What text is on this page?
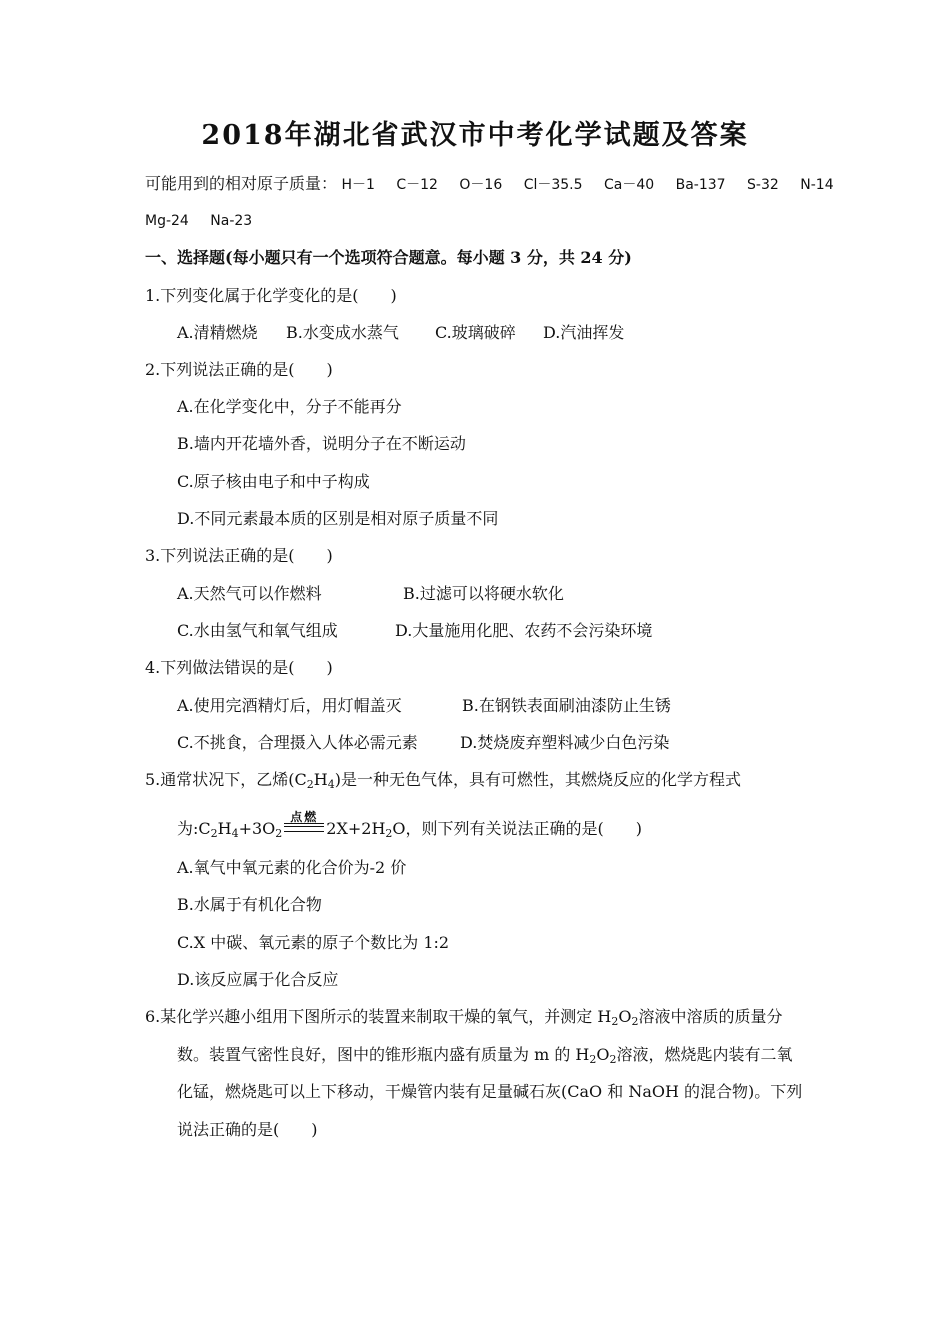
2018年湖北省武汉市中考化学试题及答案
可能用到的相对原子质量： H－1 C－12 O－16 Cl－35.5 Ca－40 Ba-137 S-32 N-14
Mg-24 Na-23
一、选择题(每小题只有一个选项符合题意。每小题 3 分，共 24 分)
1.下列变化属于化学变化的是(　　)
A.清精燃烧 B.水变成水蒸气 C.玻璃破碎 D.汽油挥发
2.下列说法正确的是(　　)
A.在化学变化中，分子不能再分
B.墙内开花墙外香，说明分子在不断运动
C.原子核由电子和中子构成
D.不同元素最本质的区别是相对原子质量不同
3.下列说法正确的是(　　)
A.天然气可以作燃料	B.过滤可以将硬水软化
C.水由氢气和氧气组成	D.大量施用化肥、农药不会污染环境
4.下列做法错误的是(　　)
A.使用完酒精灯后，用灯帽盖灭	B.在钢铁表面刷油漆防止生锈
C.不挑食，合理摄入人体必需元素	D.焚烧废弃塑料减少白色污染
5.通常状况下，乙烯$(C_2H_4)$是一种无色气体，具有可燃性，其燃烧反应的化学方程式
为$:C_2H_4+3O_2$
点燃
$2X+2H_2O$，则下列有关说法正确的是(　　)
A.氧气中氧元素的化合价为-2 价
B.水属于有机化合物
C.X 中碳、氧元素的原子个数比为 1:2
D.该反应属于化合反应
6.某化学兴趣小组用下图所示的装置来制取干燥的氧气，并测定 $H_2O_2$溶液中溶质的质量分
数。装置气密性良好，图中的锥形瓶内盛有质量为 m 的 $H_2O_2$溶液，燃烧匙内装有二氧
化锰，燃烧匙可以上下移动，干燥管内装有足量碱石灰(CaO 和 NaOH 的混合物)。下列
说法正确的是(　　)
